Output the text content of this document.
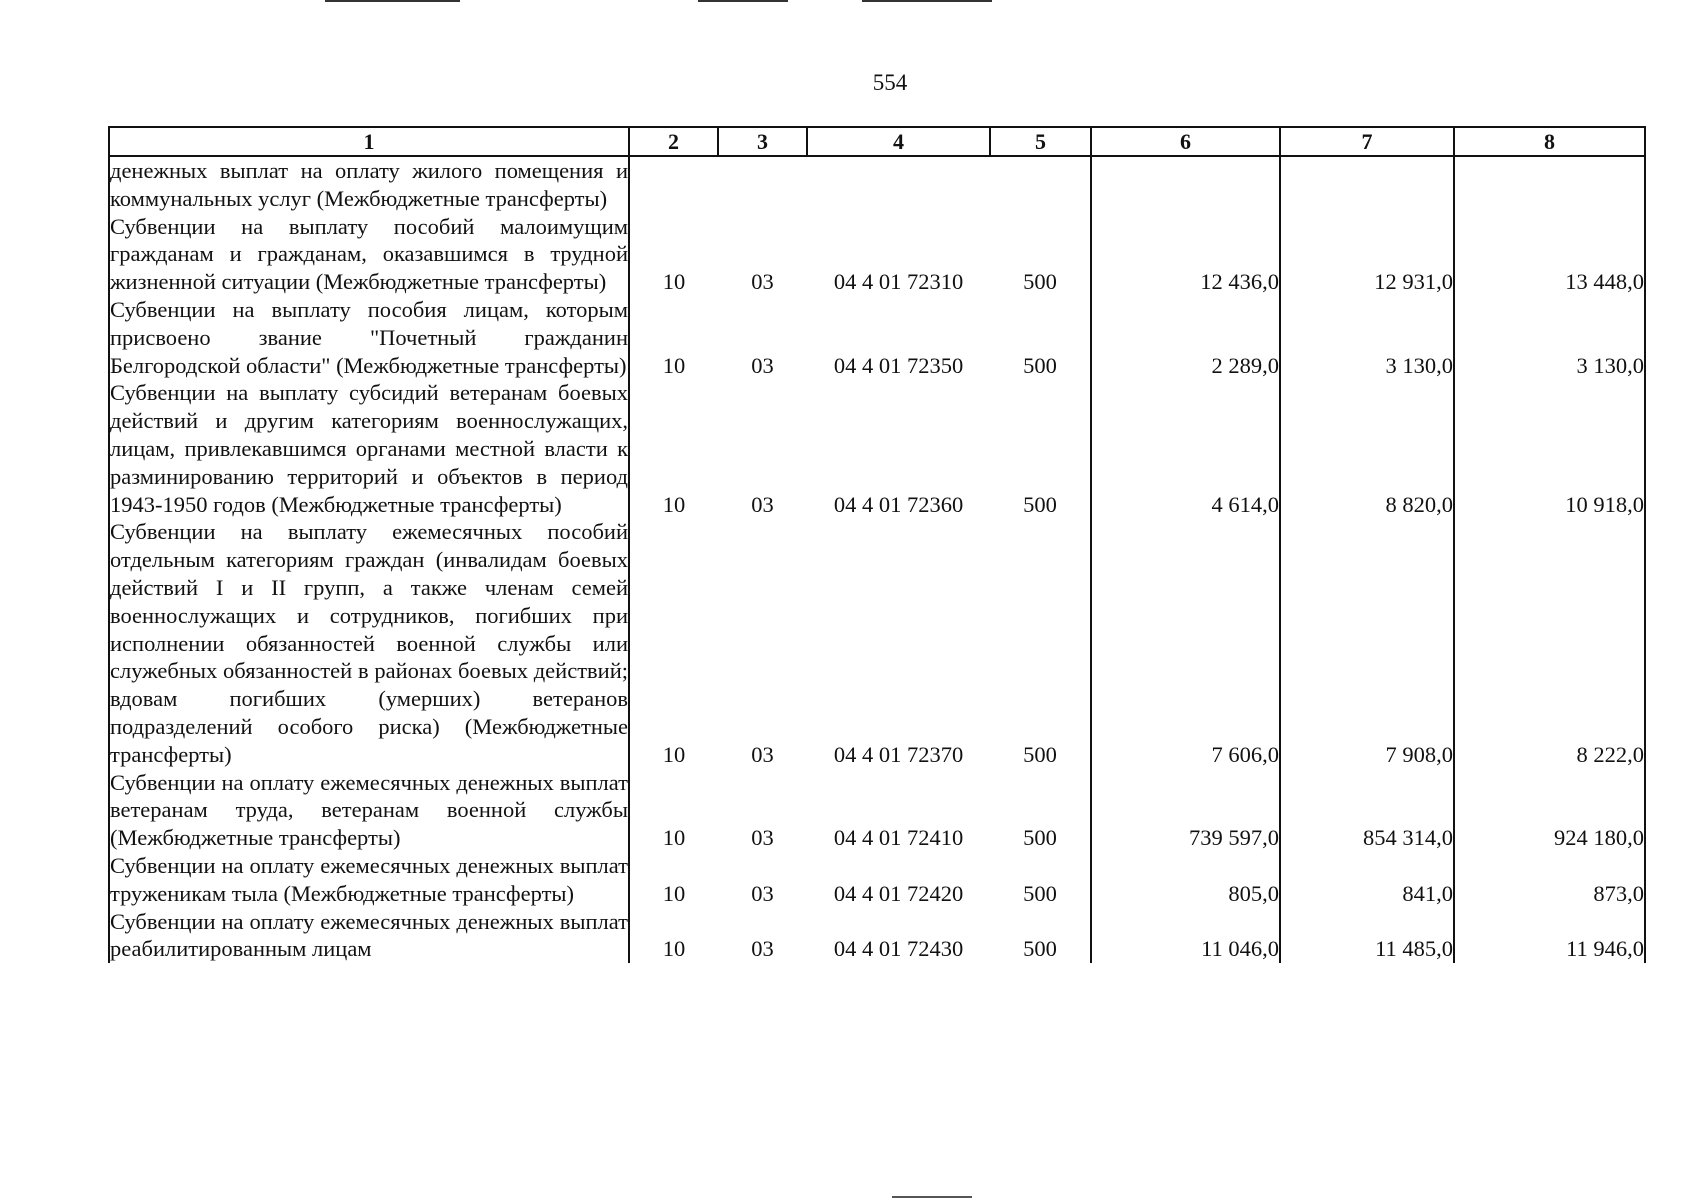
554
1	2	3	4	5	6	7	8
денежных выплат на оплату жилого помещения и коммунальных услуг (Межбюджетные трансферты)							
Субвенции на выплату пособий малоимущим гражданам и гражданам, оказавшимся в трудной жизненной ситуации (Межбюджетные трансферты)	10	03	04 4 01 72310	500	12 436,0	12 931,0	13 448,0
Субвенции на выплату пособия лицам, которым присвоено звание "Почетный гражданин Белгородской области" (Межбюджетные трансферты)	10	03	04 4 01 72350	500	2 289,0	3 130,0	3 130,0
Субвенции на выплату субсидий ветеранам боевых действий и другим категориям военнослужащих, лицам, привлекавшимся органами местной власти к разминированию территорий и объектов в период 1943-1950 годов (Межбюджетные трансферты)	10	03	04 4 01 72360	500	4 614,0	8 820,0	10 918,0
Субвенции на выплату ежемесячных пособий отдельным категориям граждан (инвалидам боевых действий I и II групп, а также членам семей военнослужащих и сотрудников, погибших при исполнении обязанностей военной службы или служебных обязанностей в районах боевых действий; вдовам погибших (умерших) ветеранов подразделений особого риска) (Межбюджетные трансферты)	10	03	04 4 01 72370	500	7 606,0	7 908,0	8 222,0
Субвенции на оплату ежемесячных денежных выплат ветеранам труда, ветеранам военной службы (Межбюджетные трансферты)	10	03	04 4 01 72410	500	739 597,0	854 314,0	924 180,0
Субвенции на оплату ежемесячных денежных выплат труженикам тыла (Межбюджетные трансферты)	10	03	04 4 01 72420	500	805,0	841,0	873,0
Субвенции на оплату ежемесячных денежных выплат реабилитированным лицам	10	03	04 4 01 72430	500	11 046,0	11 485,0	11 946,0
